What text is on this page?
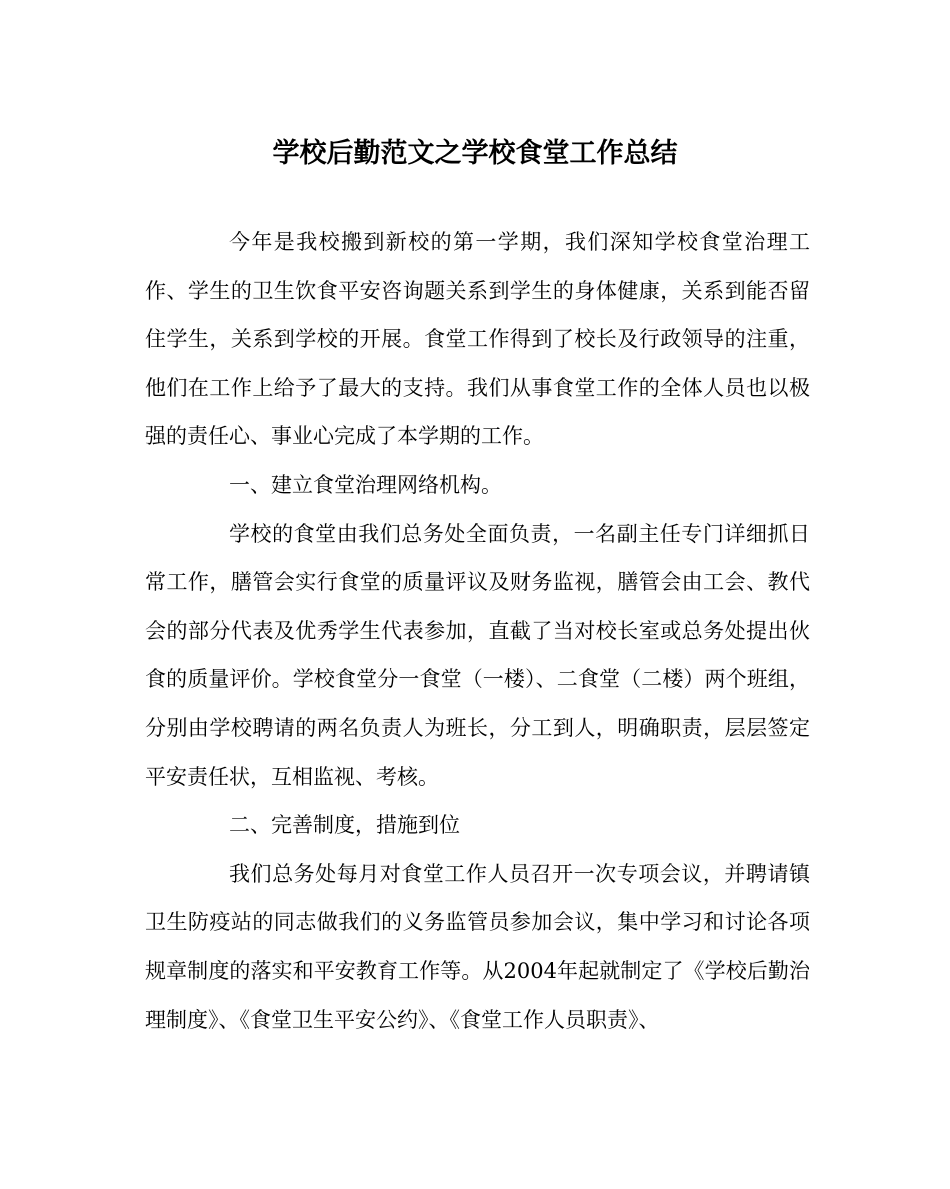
学校后勤范文之学校食堂工作总结

今年是我校搬到新校的第一学期，我们深知学校食堂治理工作、学生的卫生饮食平安咨询题关系到学生的身体健康，关系到能否留住学生，关系到学校的开展。食堂工作得到了校长及行政领导的注重，他们在工作上给予了最大的支持。我们从事食堂工作的全体人员也以极强的责任心、事业心完成了本学期的工作。

一、建立食堂治理网络机构。

学校的食堂由我们总务处全面负责，一名副主任专门详细抓日常工作，膳管会实行食堂的质量评议及财务监视，膳管会由工会、教代会的部分代表及优秀学生代表参加，直截了当对校长室或总务处提出伙食的质量评价。学校食堂分一食堂（一楼）、二食堂（二楼）两个班组，分别由学校聘请的两名负责人为班长，分工到人，明确职责，层层签定平安责任状，互相监视、考核。

二、完善制度，措施到位

我们总务处每月对食堂工作人员召开一次专项会议，并聘请镇卫生防疫站的同志做我们的义务监管员参加会议，集中学习和讨论各项规章制度的落实和平安教育工作等。从2004年起就制定了《学校后勤治理制度》、《食堂卫生平安公约》、《食堂工作人员职责》、
